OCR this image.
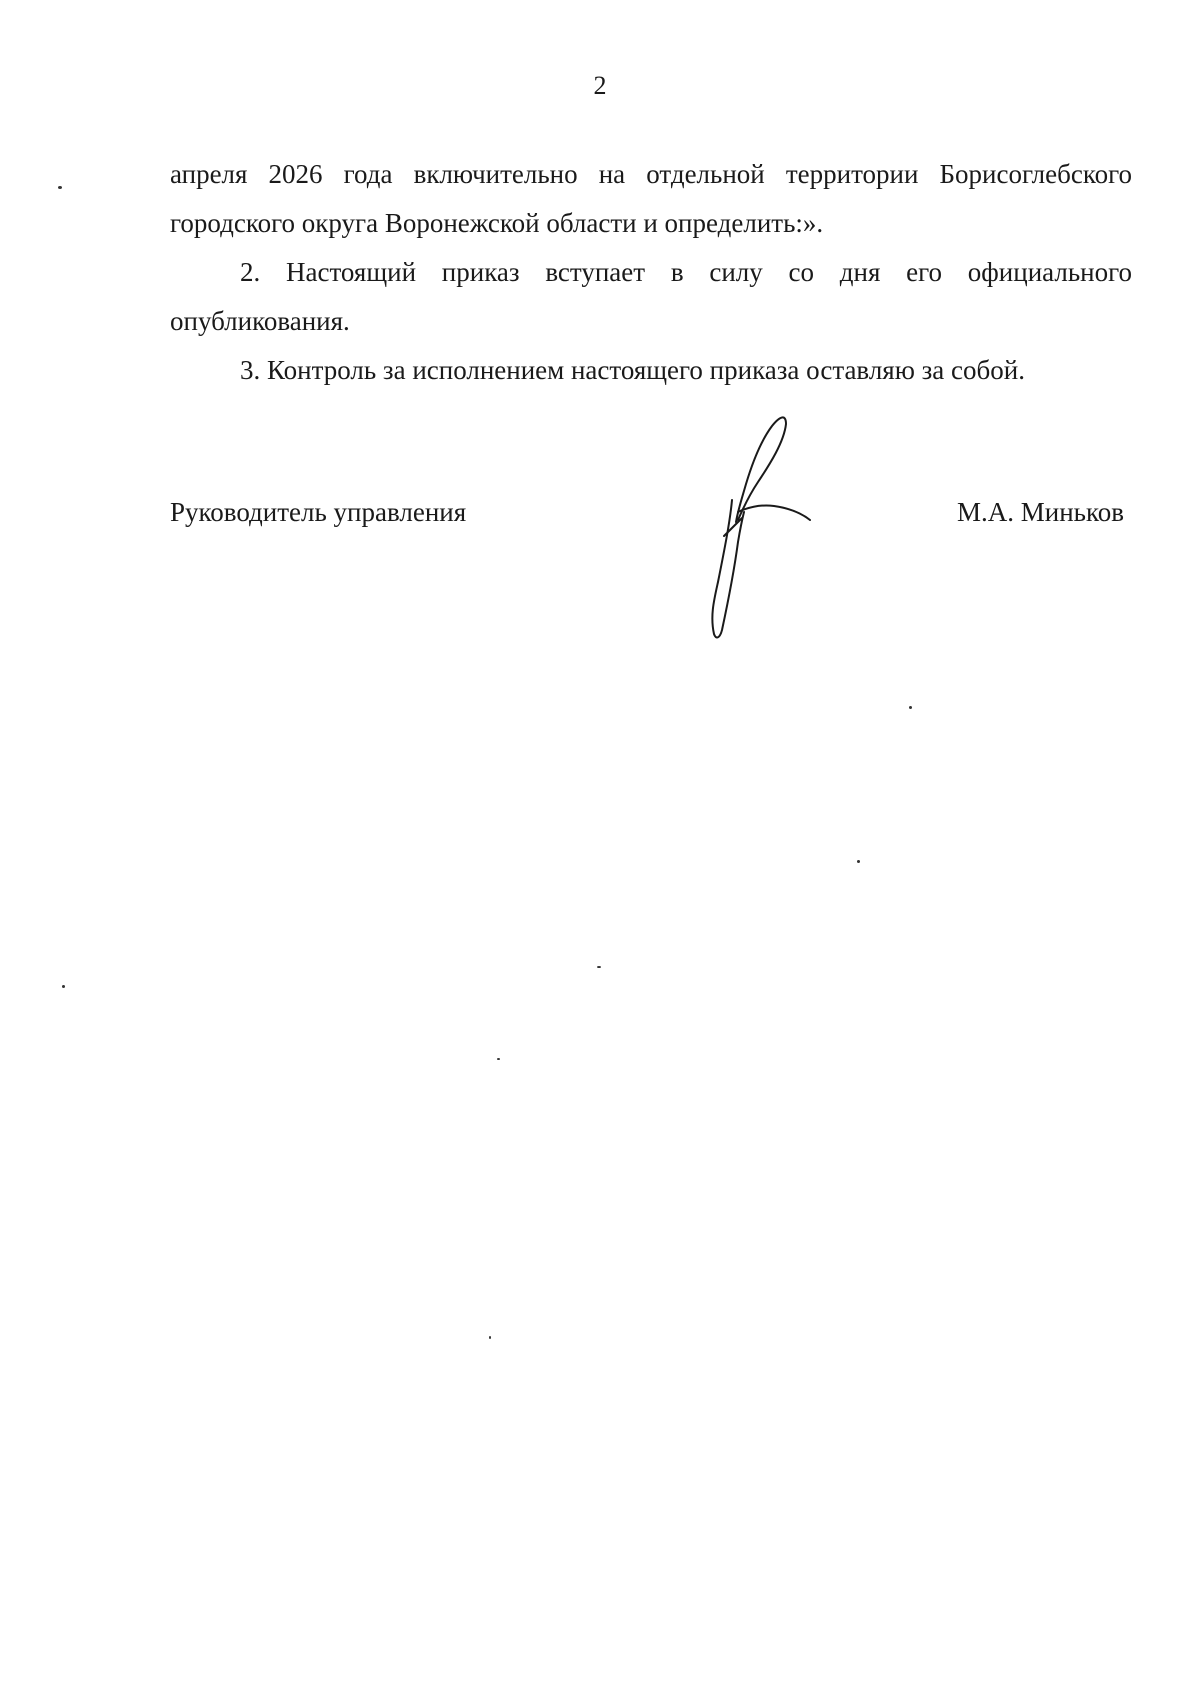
2

апреля 2026 года включительно на отдельной территории Борисоглебского городского округа Воронежской области и определить:».

2. Настоящий приказ вступает в силу со дня его официального опубликования.

3. Контроль за исполнением настоящего приказа оставляю за собой.

Руководитель управления	М.А. Миньков
